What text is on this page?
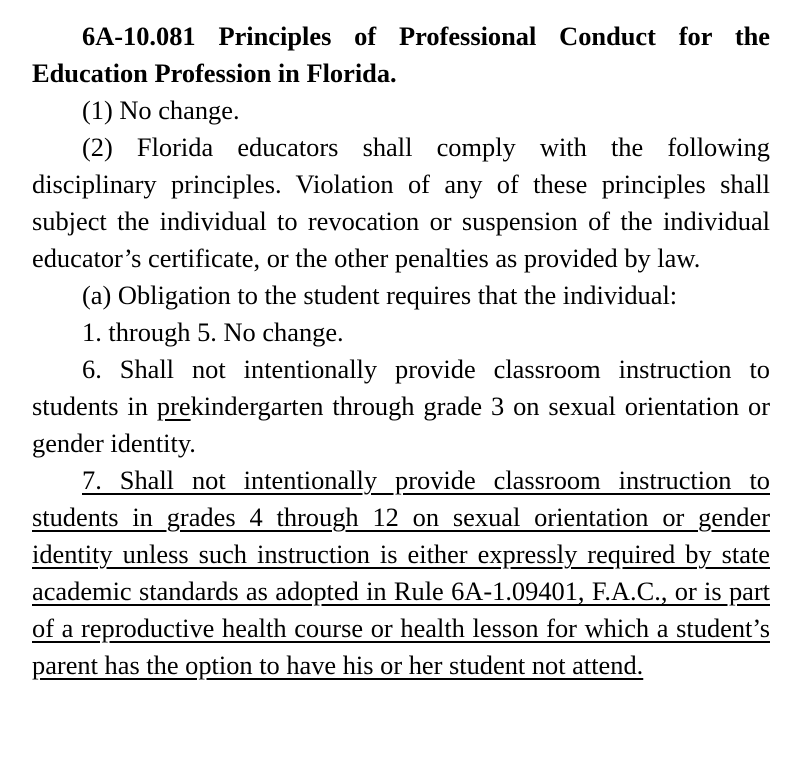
6A-10.081 Principles of Professional Conduct for the Education Profession in Florida.

(1) No change.

(2) Florida educators shall comply with the following disciplinary principles. Violation of any of these principles shall subject the individual to revocation or suspension of the individual educator’s certificate, or the other penalties as provided by law.

(a) Obligation to the student requires that the individual:

1. through 5. No change.

6. Shall not intentionally provide classroom instruction to students in prekindergarten through grade 3 on sexual orientation or gender identity.

7. Shall not intentionally provide classroom instruction to students in grades 4 through 12 on sexual orientation or gender identity unless such instruction is either expressly required by state academic standards as adopted in Rule 6A-1.09401, F.A.C., or is part of a reproductive health course or health lesson for which a student’s parent has the option to have his or her student not attend.
